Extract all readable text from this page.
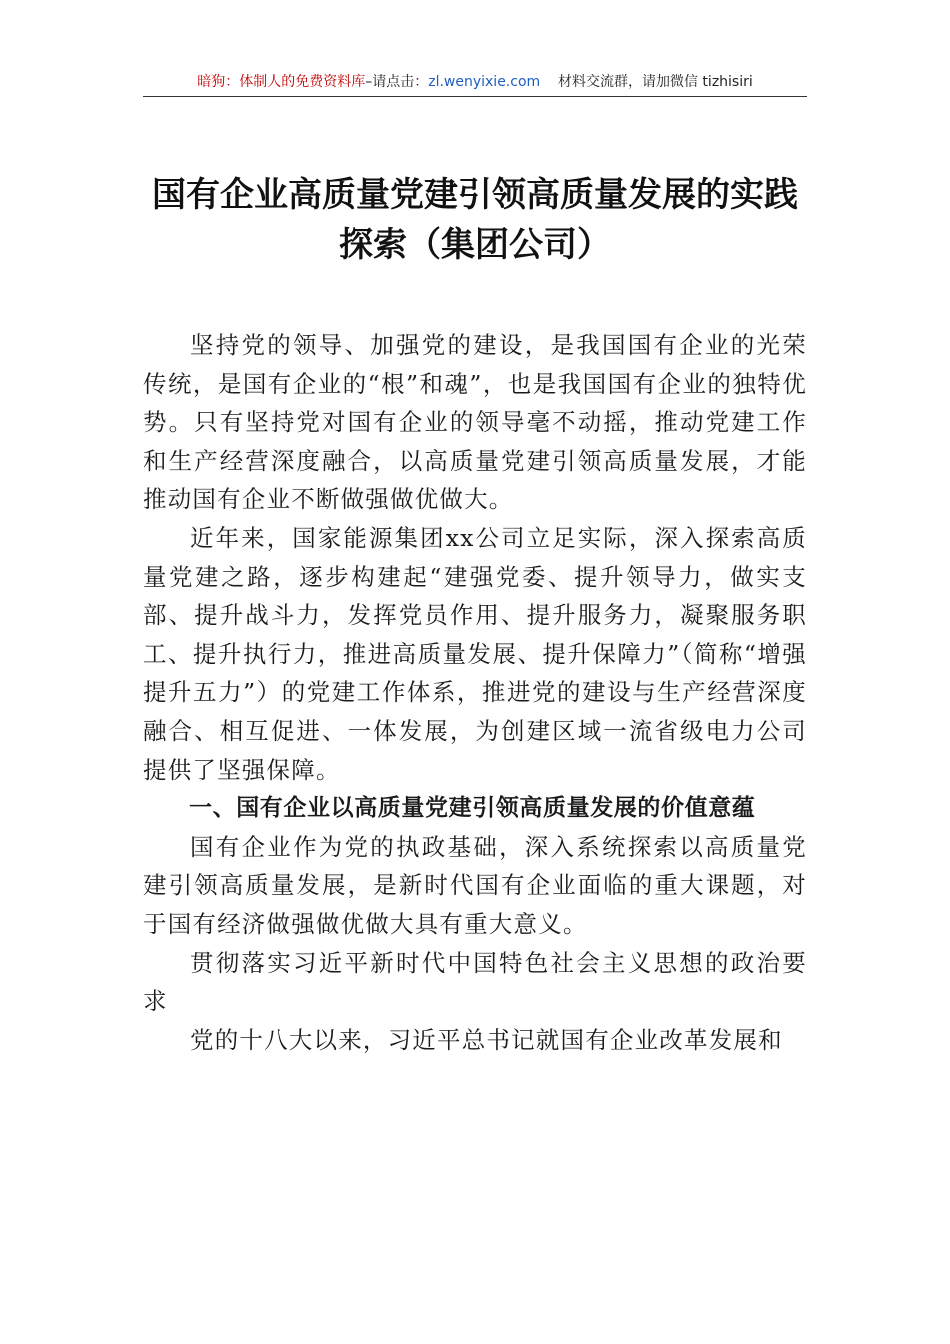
暗狗：体制人的免费资料库–请点击：zl.wenyixie.com 材料交流群，请加微信 tizhisiri
国有企业高质量党建引领高质量发展的实践探索（集团公司）

坚持党的领导、加强党的建设，是我国国有企业的光荣传统，是国有企业的“根”和魂”，也是我国国有企业的独特优势。只有坚持党对国有企业的领导毫不动摇，推动党建工作和生产经营深度融合，以高质量党建引领高质量发展，才能推动国有企业不断做强做优做大。

近年来，国家能源集团xx公司立足实际，深入探索高质量党建之路，逐步构建起“建强党委、提升领导力，做实支部、提升战斗力，发挥党员作用、提升服务力，凝聚服务职工、提升执行力，推进高质量发展、提升保障力”（简称“增强提升五力”）的党建工作体系，推进党的建设与生产经营深度融合、相互促进、一体发展，为创建区域一流省级电力公司提供了坚强保障。

一、国有企业以高质量党建引领高质量发展的价值意蕴

国有企业作为党的执政基础，深入系统探索以高质量党建引领高质量发展，是新时代国有企业面临的重大课题，对于国有经济做强做优做大具有重大意义。

贯彻落实习近平新时代中国特色社会主义思想的政治要求

党的十八大以来，习近平总书记就国有企业改革发展和
